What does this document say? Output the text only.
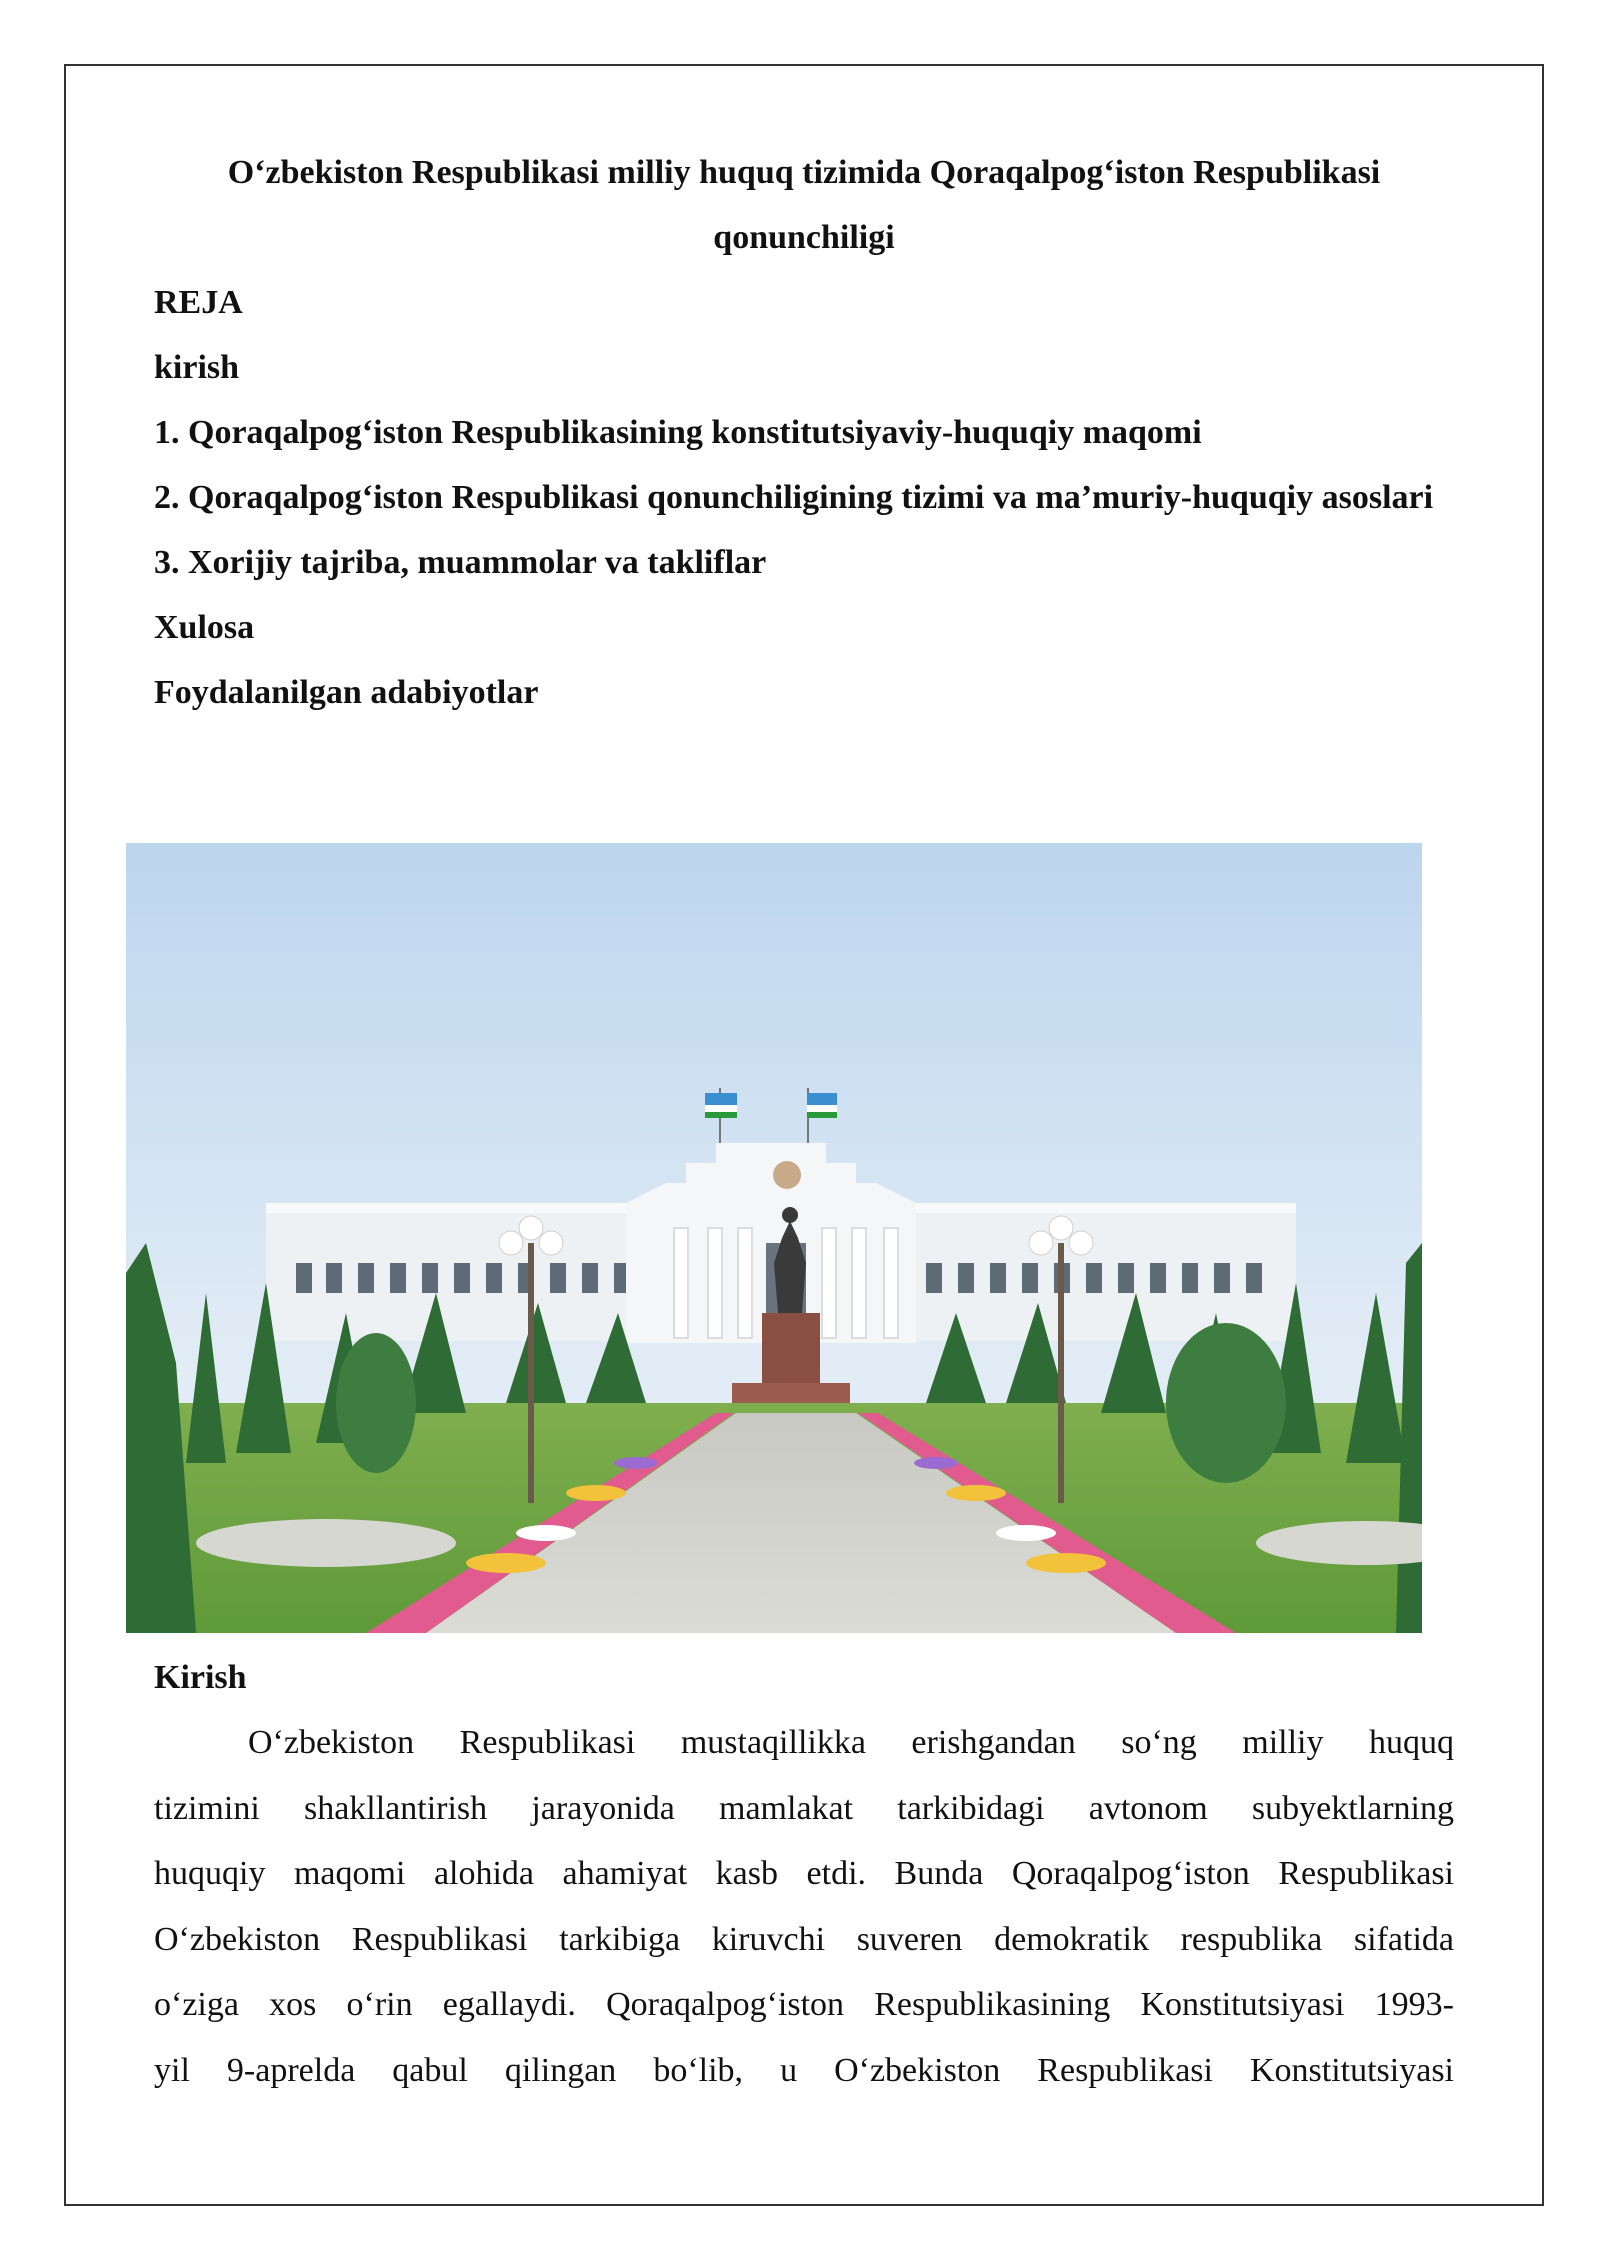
O‘zbekiston Respublikasi milliy huquq tizimida Qoraqalpog‘iston Respublikasi qonunchiligi

REJA

kirish

1. Qoraqalpog‘iston Respublikasining konstitutsiyaviy-huquqiy maqomi

2. Qoraqalpog‘iston Respublikasi qonunchiligining tizimi va ma’muriy-huquqiy asoslari

3. Xorijiy tajriba, muammolar va takliflar

Xulosa

Foydalanilgan adabiyotlar

Kirish

O‘zbekiston Respublikasi mustaqillikka erishgandan so‘ng milliy huquq
tizimini shakllantirish jarayonida mamlakat tarkibidagi avtonom subyektlarning
huquqiy maqomi alohida ahamiyat kasb etdi. Bunda Qoraqalpog‘iston Respublikasi
O‘zbekiston Respublikasi tarkibiga kiruvchi suveren demokratik respublika sifatida
o‘ziga xos o‘rin egallaydi. Qoraqalpog‘iston Respublikasining Konstitutsiyasi 1993-
yil 9-aprelda qabul qilingan bo‘lib, u O‘zbekiston Respublikasi Konstitutsiyasi
